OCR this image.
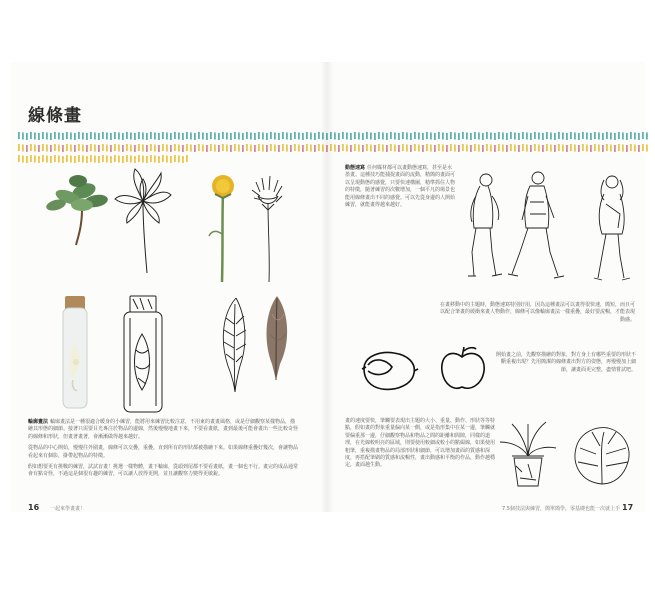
線條畫

輪廓畫法 輪廓畫法是一種很適合暖身的小練習，能將用來練習比較注意，不用東的畫畫風格，或是仔細觀察某樣物品，描繪其形態的細節。接著只需要目光專注於物品的邊線，然後慢慢地畫下來，不要看畫紙，畫到最後可能會畫出一些比較奇怪的線條和形狀，但畫著畫著，會漸漸做得越來越好。

從物品的中心開始，慢慢往外圍畫，線條可以交疊，重疊，直到所有的形狀都被描繪下來。如果線條重疊好幾次，會讓物品看起來有個影，掛帶起物品的特徵。

假如想要更有挑戰的練習，試試盲畫！挑選一樣物體，畫下輪廓，從頭到尾都不要看畫紙，畫一個也不行。畫完的成品通常會有點奇怪，不過這是個很有趣的練習，可以讓人放得更開，並且讓觀察力變得更敏銳。

16 一起來學畫畫！

動態速寫 任何媒材都可以畫動態速寫，甚至是水墨畫。這種技巧能捕捉畫面的流動，精簡的畫面可以呈現動態的感覺，只要快速構圖，精準抓住人物的特徵，隨著練習的次數增加，一個平凡的場景也能用線條畫出不同的感覺。可以先從身邊的人開始練習，就能畫得越來越好。

在畫移動中的主題時，動態速寫特別好用，因為這種畫法可以畫得很快速，簡短，而且可以配合筆畫的緩衝來畫人物動作，線條可以像輪廓畫法一樣重疊，最好要流暢，才能表現動感。

開始畫之前，先觀察描繪的對象，對方身上有哪些重要的形狀不斷重複出現？先用簡潔的線條畫出對方的姿態，再慢慢加上細節，讓畫面更完整，盡情嘗試吧。

畫的速度要快，筆觸要表現出主題的大小、重量、動作、形狀等等特點，假如畫的對象重量偏向某一側，或是指形集中在某一邊，筆觸就要偏重那一邊，仔細觀察物品和物品之間的距離和間隙，同樣的道理，在光線較明亮的區域，則要使用較細或較小的點綴線，如果使用粗筆，重複描畫物品的局部形狀和細節，可以增加畫面的質感和深度，再搭配筆刷的質感和流暢性，畫出動感和平衡的作品，動作越穩定，畫面越生動。

7.5個技法與練習，簡單簡學，零基礎也能一次就上手 17
